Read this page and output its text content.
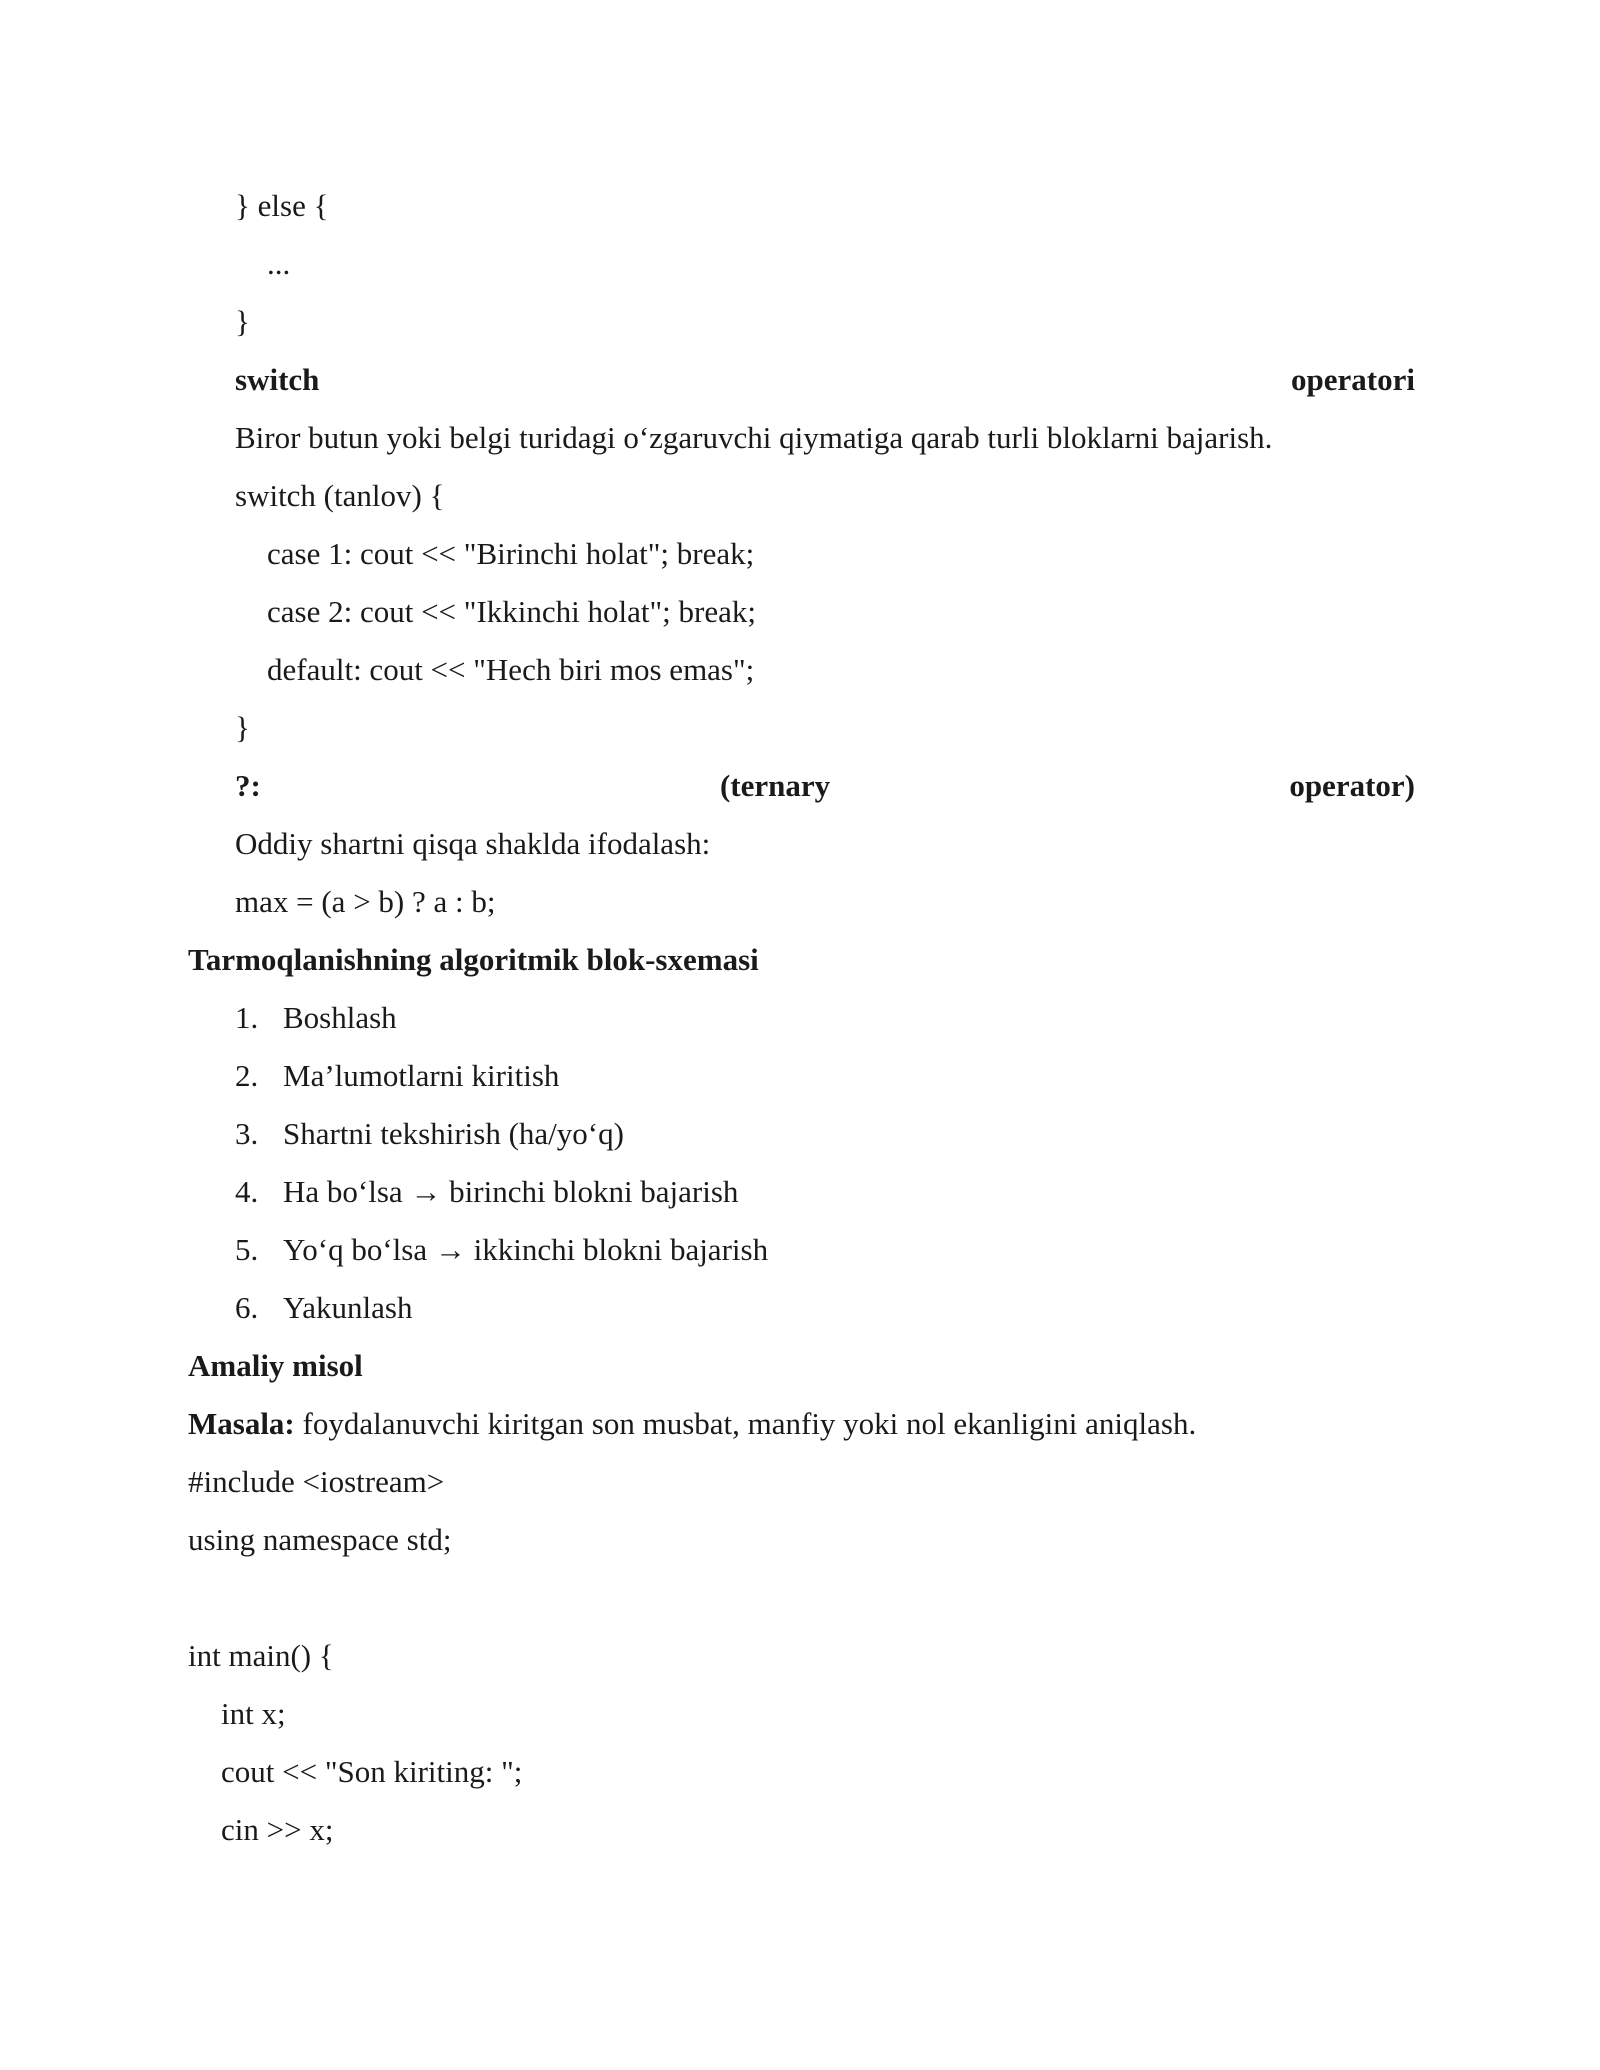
} else {
...
}
switch	operatori
Biror butun yoki belgi turidagi o‘zgaruvchi qiymatiga qarab turli bloklarni bajarish.
switch (tanlov) {
case 1: cout << "Birinchi holat"; break;
case 2: cout << "Ikkinchi holat"; break;
default: cout << "Hech biri mos emas";
}
?:	(ternary	operator)
Oddiy shartni qisqa shaklda ifodalash:
max = (a > b) ? a : b;
Tarmoqlanishning algoritmik blok-sxemasi
1. Boshlash
2. Ma’lumotlarni kiritish
3. Shartni tekshirish (ha/yo‘q)
4. Ha bo‘lsa → birinchi blokni bajarish
5. Yo‘q bo‘lsa → ikkinchi blokni bajarish
6. Yakunlash
Amaliy misol
Masala: foydalanuvchi kiritgan son musbat, manfiy yoki nol ekanligini aniqlash.
#include <iostream>
using namespace std;
int main() {
int x;
cout << "Son kiriting: ";
cin >> x;
